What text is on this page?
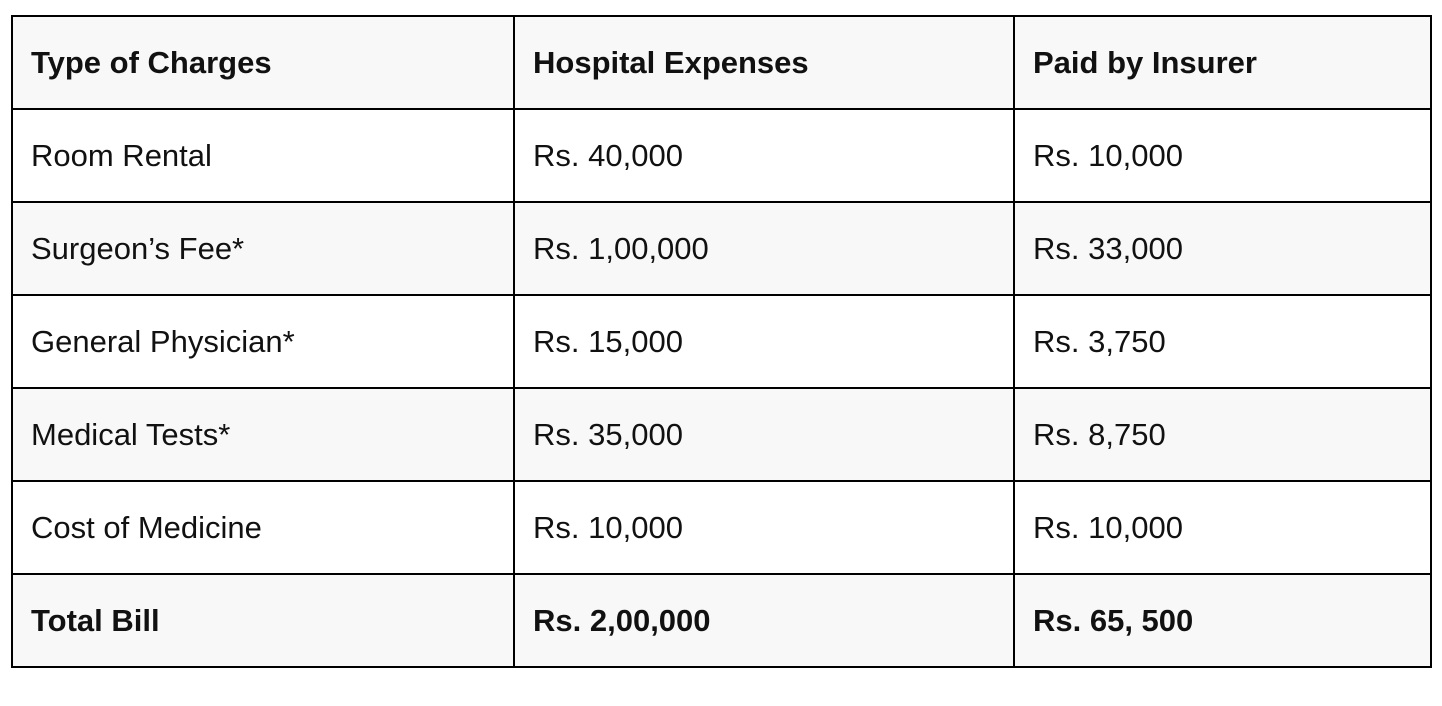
Type of Charges	Hospital Expenses	Paid by Insurer
Room Rental	Rs. 40,000	Rs. 10,000
Surgeon’s Fee*	Rs. 1,00,000	Rs. 33,000
General Physician*	Rs. 15,000	Rs. 3,750
Medical Tests*	Rs. 35,000	Rs. 8,750
Cost of Medicine	Rs. 10,000	Rs. 10,000
Total Bill	Rs. 2,00,000	Rs. 65, 500
